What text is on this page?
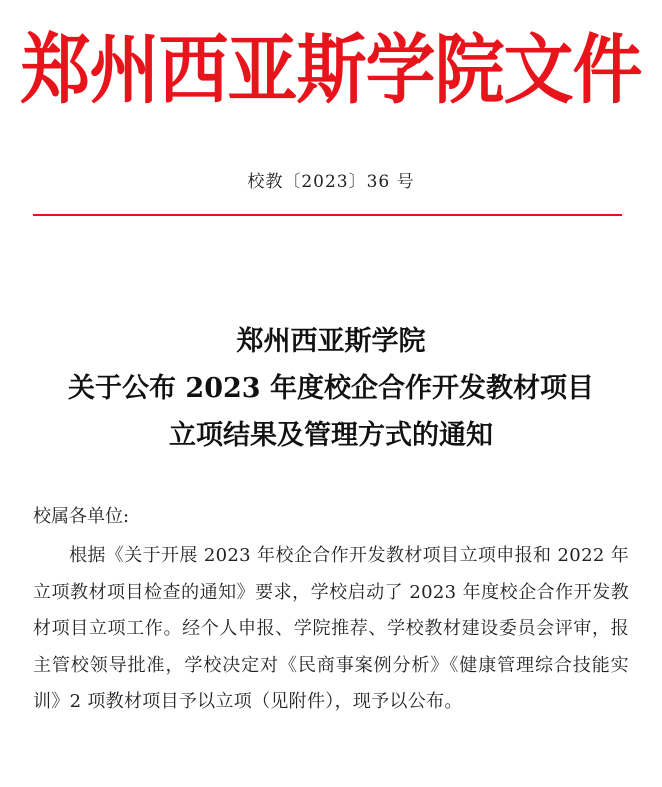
郑州西亚斯学院文件
校教〔2023〕36 号
郑州西亚斯学院
关于公布 2023 年度校企合作开发教材项目
立项结果及管理方式的通知
校属各单位:
根据《关于开展 2023 年校企合作开发教材项目立项申报和 2022 年立项教材项目检查的通知》要求，学校启动了 2023 年度校企合作开发教材项目立项工作。经个人申报、学院推荐、学校教材建设委员会评审，报主管校领导批准，学校决定对《民商事案例分析》《健康管理综合技能实训》2 项教材项目予以立项（见附件），现予以公布。
